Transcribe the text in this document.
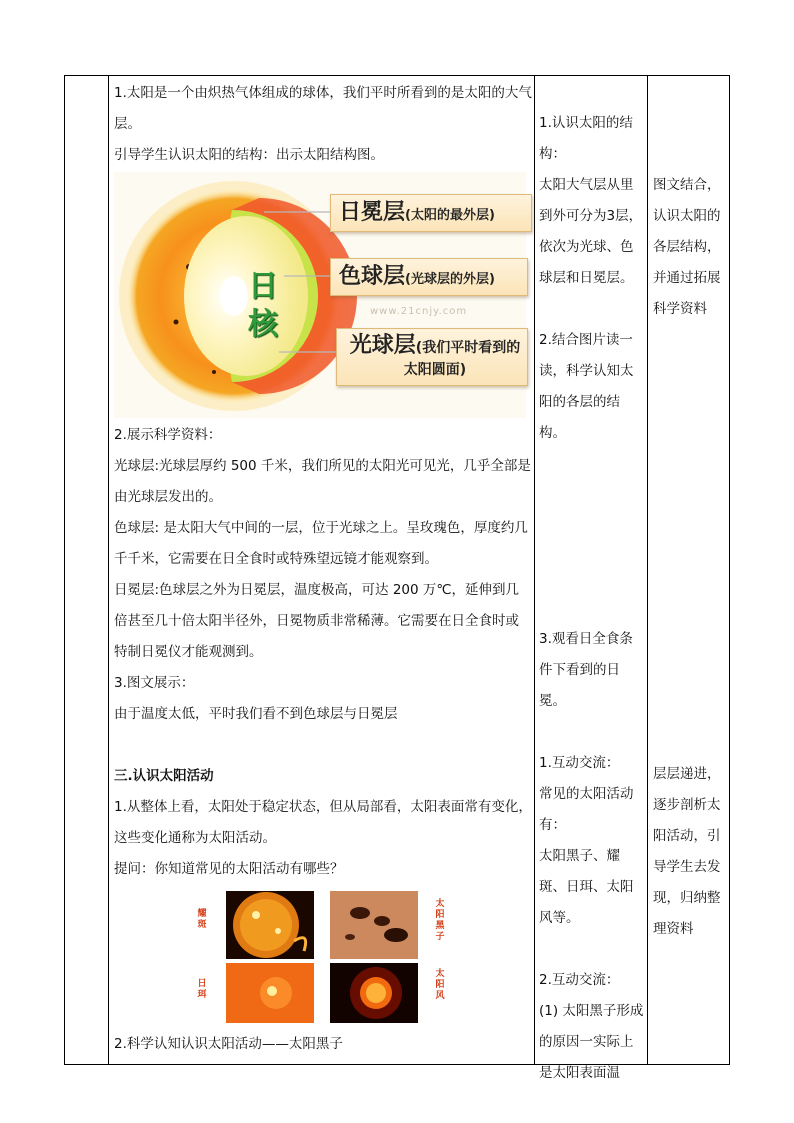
1.太阳是一个由炽热气体组成的球体，我们平时所看到的是太阳的大气层。

引导学生认识太阳的结构：出示太阳结构图。

日
核
日冕层(太阳的最外层)
色球层(光球层的外层)
www.21cnjy.com
光球层(我们平时看到的
太阳圆面)

2.展示科学资料：

光球层:光球层厚约 500 千米，我们所见的太阳光可见光，几乎全部是由光球层发出的。

色球层: 是太阳大气中间的一层，位于光球之上。呈玫瑰色，厚度约几千千米，它需要在日全食时或特殊望远镜才能观察到。

日冕层:色球层之外为日冕层，温度极高，可达 200 万℃，延伸到几倍甚至几十倍太阳半径外，日冕物质非常稀薄。它需要在日全食时或特制日冕仪才能观测到。

3.图文展示：

由于温度太低，平时我们看不到色球层与日冕层

三.认识太阳活动

1.从整体上看，太阳处于稳定状态，但从局部看，太阳表面常有变化，这些变化通称为太阳活动。

提问：你知道常见的太阳活动有哪些？

耀斑
太阳黑子
日珥
太阳风

2.科学认知认识太阳活动——太阳黑子

1.认识太阳的结构：

太阳大气层从里到外可分为3层，依次为光球、色球层和日冕层。

2.结合图片读一读，科学认知太阳的各层的结构。

3.观看日全食条件下看到的日冕。

1.互动交流：

常见的太阳活动有：

太阳黑子、耀斑、日珥、太阳风等。

2.互动交流：

(1) 太阳黑子形成的原因一实际上是太阳表面温

图文结合，认识太阳的各层结构，并通过拓展科学资料

层层递进，逐步剖析太阳活动，引导学生去发现，归纳整理资料
